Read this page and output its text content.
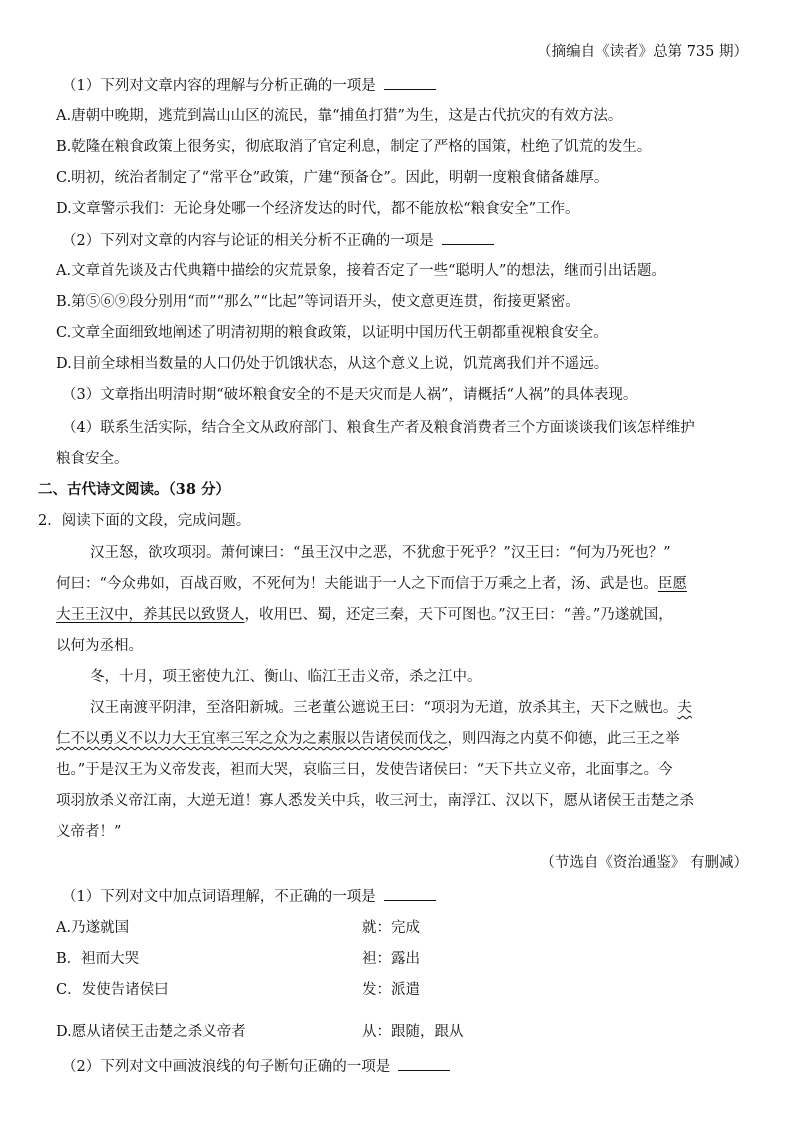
（摘编自《读者》总第 735 期）
（1）下列对文章内容的理解与分析正确的一项是
A.唐朝中晚期，逃荒到嵩山山区的流民，靠“捕鱼打猎”为生，这是古代抗灾的有效方法。
B.乾隆在粮食政策上很务实，彻底取消了官定利息，制定了严格的国策，杜绝了饥荒的发生。
C.明初，统治者制定了“常平仓”政策，广建“预备仓”。因此，明朝一度粮食储备雄厚。
D.文章警示我们：无论身处哪一个经济发达的时代，都不能放松“粮食安全”工作。
（2）下列对文章的内容与论证的相关分析不正确的一项是
A.文章首先谈及古代典籍中描绘的灾荒景象，接着否定了一些“聪明人”的想法，继而引出话题。
B.第⑤⑥⑨段分别用“而”“那么”“比起”等词语开头，使文意更连贯，衔接更紧密。
C.文章全面细致地阐述了明清初期的粮食政策，以证明中国历代王朝都重视粮食安全。
D.目前全球相当数量的人口仍处于饥饿状态，从这个意义上说，饥荒离我们并不遥远。
（3）文章指出明清时期“破坏粮食安全的不是天灾而是人祸”，请概括“人祸”的具体表现。
（4）联系生活实际，结合全文从政府部门、粮食生产者及粮食消费者三个方面谈谈我们该怎样维护
粮食安全。
二、古代诗文阅读。（38 分）
2．阅读下面的文段，完成问题。
汉王怒，欲攻项羽。萧何谏曰：“虽王汉中之恶，不犹愈于死乎？”汉王曰：“何为乃死也？”
何曰：“今众弗如，百战百败，不死何为！夫能诎于一人之下而信于万乘之上者，汤、武是也。臣愿
大王王汉中，养其民以致贤人，收用巴、蜀，还定三秦，天下可图也。”汉王曰：“善。”乃遂就国，
以何为丞相。
冬，十月，项王密使九江、衡山、临江王击义帝，杀之江中。
汉王南渡平阴津，至洛阳新城。三老董公遮说王曰：“项羽为无道，放杀其主，天下之贼也。夫
仁不以勇义不以力大王宜率三军之众为之素服以告诸侯而伐之，则四海之内莫不仰德，此三王之举
也。”于是汉王为义帝发丧，袒而大哭，哀临三日，发使告诸侯曰：“天下共立义帝，北面事之。今
项羽放杀义帝江南，大逆无道！寡人悉发关中兵，收三河士，南浮江、汉以下，愿从诸侯王击楚之杀
义帝者！”
（节选自《资治通鉴》 有删减）
（1）下列对文中加点词语理解，不正确的一项是
A.乃遂就国	就：完成
B．袒而大哭	袒：露出
C．发使告诸侯曰	发：派遣
D.愿从诸侯王击楚之杀义帝者	从：跟随，跟从
（2）下列对文中画波浪线的句子断句正确的一项是
